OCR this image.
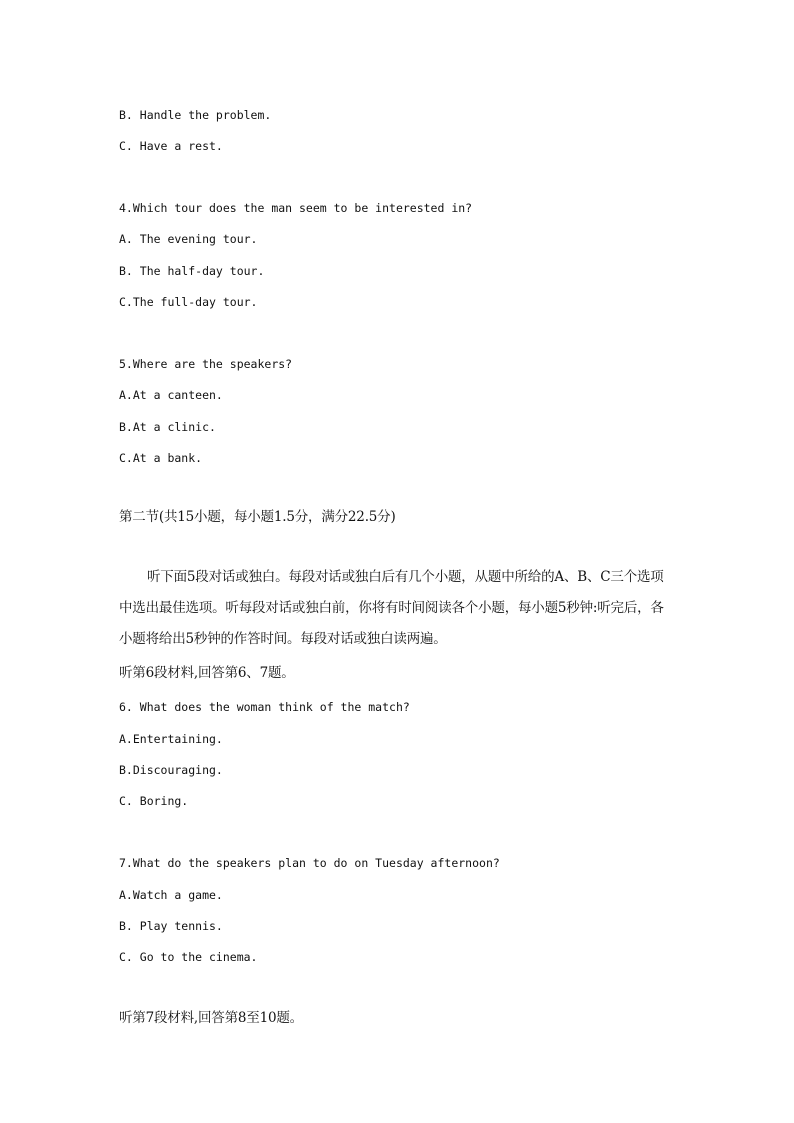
B. Handle the problem.
C. Have a rest.
4.Which tour does the man seem to be interested in?
A. The evening tour.
B. The half-day tour.
C.The full-day tour.
5.Where are the speakers?
A.At a canteen.
B.At a clinic.
C.At a bank.
第二节(共15小题，每小题1.5分，满分22.5分)
听下面5段对话或独白。每段对话或独白后有几个小题，从题中所给的A、B、C三个选项中选出最佳选项。听每段对话或独白前，你将有时间阅读各个小题，每小题5秒钟:听完后，各小题将给出5秒钟的作答时间。每段对话或独白读两遍。
听第6段材料,回答第6、7题。
6. What does the woman think of the match?
A.Entertaining.
B.Discouraging.
C. Boring.
7.What do the speakers plan to do on Tuesday afternoon?
A.Watch a game.
B. Play tennis.
C. Go to the cinema.
听第7段材料,回答第8至10题。
